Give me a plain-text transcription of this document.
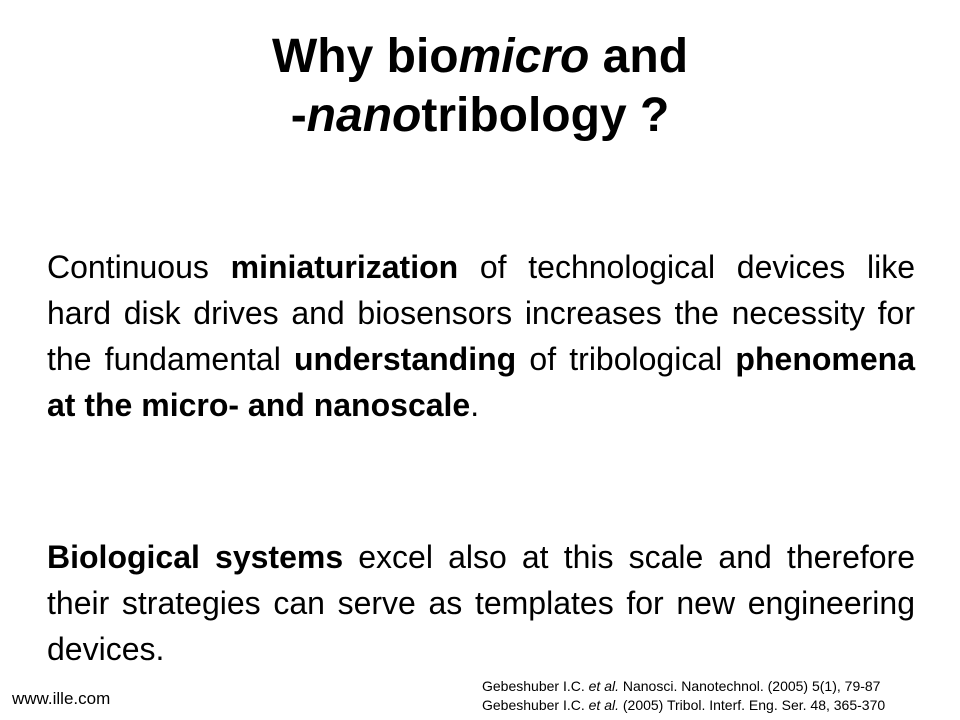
Why biomicro and
-nanotribology ?

Continuous miniaturization of technological devices like hard disk drives and biosensors increases the necessity for the fundamental understanding of tribological phenomena at the micro- and nanoscale.

Biological systems excel also at this scale and therefore their strategies can serve as templates for new engineering devices.

www.ille.com
Gebeshuber I.C. et al. Nanosci. Nanotechnol. (2005) 5(1), 79-87
Gebeshuber I.C. et al. (2005) Tribol. Interf. Eng. Ser. 48, 365-370
